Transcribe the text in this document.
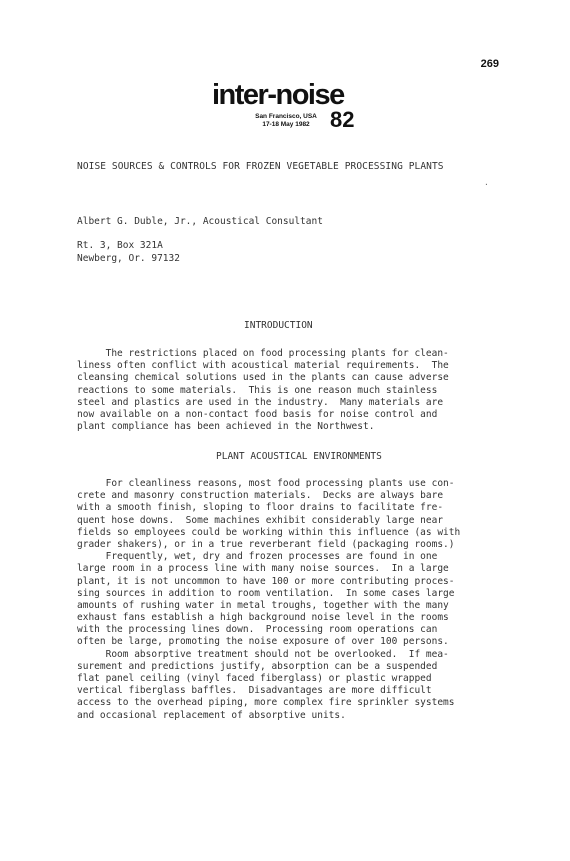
269
inter-noise
San Francisco, USA
17-18 May 1982 82
NOISE SOURCES & CONTROLS FOR FROZEN VEGETABLE PROCESSING PLANTS
.
Albert G. Duble, Jr., Acoustical Consultant
Rt. 3, Box 321A
Newberg, Or. 97132
INTRODUCTION
The restrictions placed on food processing plants for clean-
liness often conflict with acoustical material requirements.  The
cleansing chemical solutions used in the plants can cause adverse
reactions to some materials.  This is one reason much stainless
steel and plastics are used in the industry.  Many materials are
now available on a non-contact food basis for noise control and
plant compliance has been achieved in the Northwest.
PLANT ACOUSTICAL ENVIRONMENTS
For cleanliness reasons, most food processing plants use con-
crete and masonry construction materials.  Decks are always bare
with a smooth finish, sloping to floor drains to facilitate fre-
quent hose downs.  Some machines exhibit considerably large near
fields so employees could be working within this influence (as with
grader shakers), or in a true reverberant field (packaging rooms.)
Frequently, wet, dry and frozen processes are found in one
large room in a process line with many noise sources.  In a large
plant, it is not uncommon to have 100 or more contributing proces-
sing sources in addition to room ventilation.  In some cases large
amounts of rushing water in metal troughs, together with the many
exhaust fans establish a high background noise level in the rooms
with the processing lines down.  Processing room operations can
often be large, promoting the noise exposure of over 100 persons.
Room absorptive treatment should not be overlooked.  If mea-
surement and predictions justify, absorption can be a suspended
flat panel ceiling (vinyl faced fiberglass) or plastic wrapped
vertical fiberglass baffles.  Disadvantages are more difficult
access to the overhead piping, more complex fire sprinkler systems
and occasional replacement of absorptive units.
